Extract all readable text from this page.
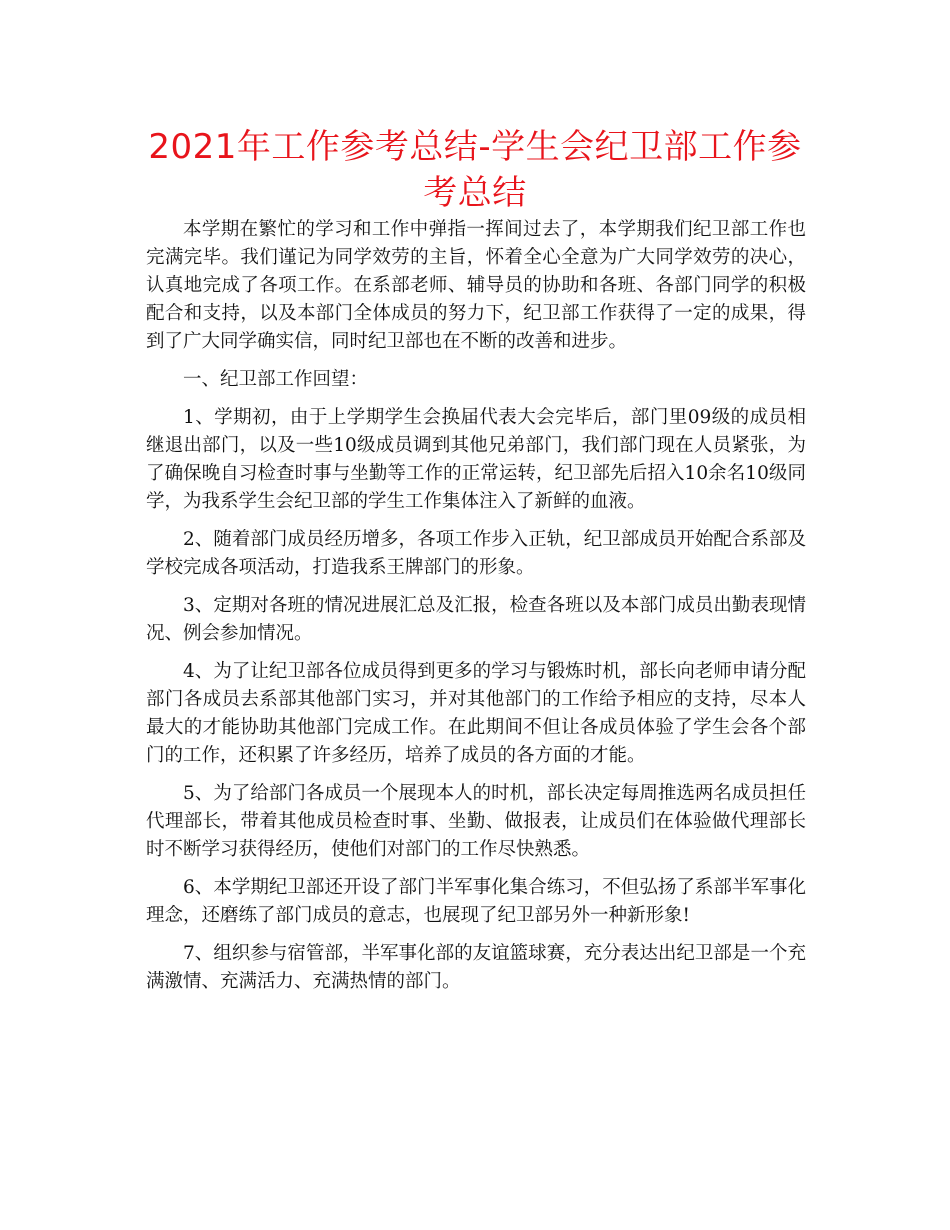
2021年工作参考总结-学生会纪卫部工作参考总结

本学期在繁忙的学习和工作中弹指一挥间过去了，本学期我们纪卫部工作也完满完毕。我们谨记为同学效劳的主旨，怀着全心全意为广大同学效劳的决心，认真地完成了各项工作。在系部老师、辅导员的协助和各班、各部门同学的积极配合和支持，以及本部门全体成员的努力下，纪卫部工作获得了一定的成果，得到了广大同学确实信，同时纪卫部也在不断的改善和进步。

一、纪卫部工作回望：

1、学期初，由于上学期学生会换届代表大会完毕后，部门里09级的成员相继退出部门，以及一些10级成员调到其他兄弟部门，我们部门现在人员紧张，为了确保晚自习检查时事与坐勤等工作的正常运转，纪卫部先后招入10余名10级同学，为我系学生会纪卫部的学生工作集体注入了新鲜的血液。

2、随着部门成员经历增多，各项工作步入正轨，纪卫部成员开始配合系部及学校完成各项活动，打造我系王牌部门的形象。

3、定期对各班的情况进展汇总及汇报，检查各班以及本部门成员出勤表现情况、例会参加情况。

4、为了让纪卫部各位成员得到更多的学习与锻炼时机，部长向老师申请分配部门各成员去系部其他部门实习，并对其他部门的工作给予相应的支持，尽本人最大的才能协助其他部门完成工作。在此期间不但让各成员体验了学生会各个部门的工作，还积累了许多经历，培养了成员的各方面的才能。

5、为了给部门各成员一个展现本人的时机，部长决定每周推选两名成员担任代理部长，带着其他成员检查时事、坐勤、做报表，让成员们在体验做代理部长时不断学习获得经历，使他们对部门的工作尽快熟悉。

6、本学期纪卫部还开设了部门半军事化集合练习，不但弘扬了系部半军事化理念，还磨练了部门成员的意志，也展现了纪卫部另外一种新形象!

7、组织参与宿管部，半军事化部的友谊篮球赛，充分表达出纪卫部是一个充满激情、充满活力、充满热情的部门。
